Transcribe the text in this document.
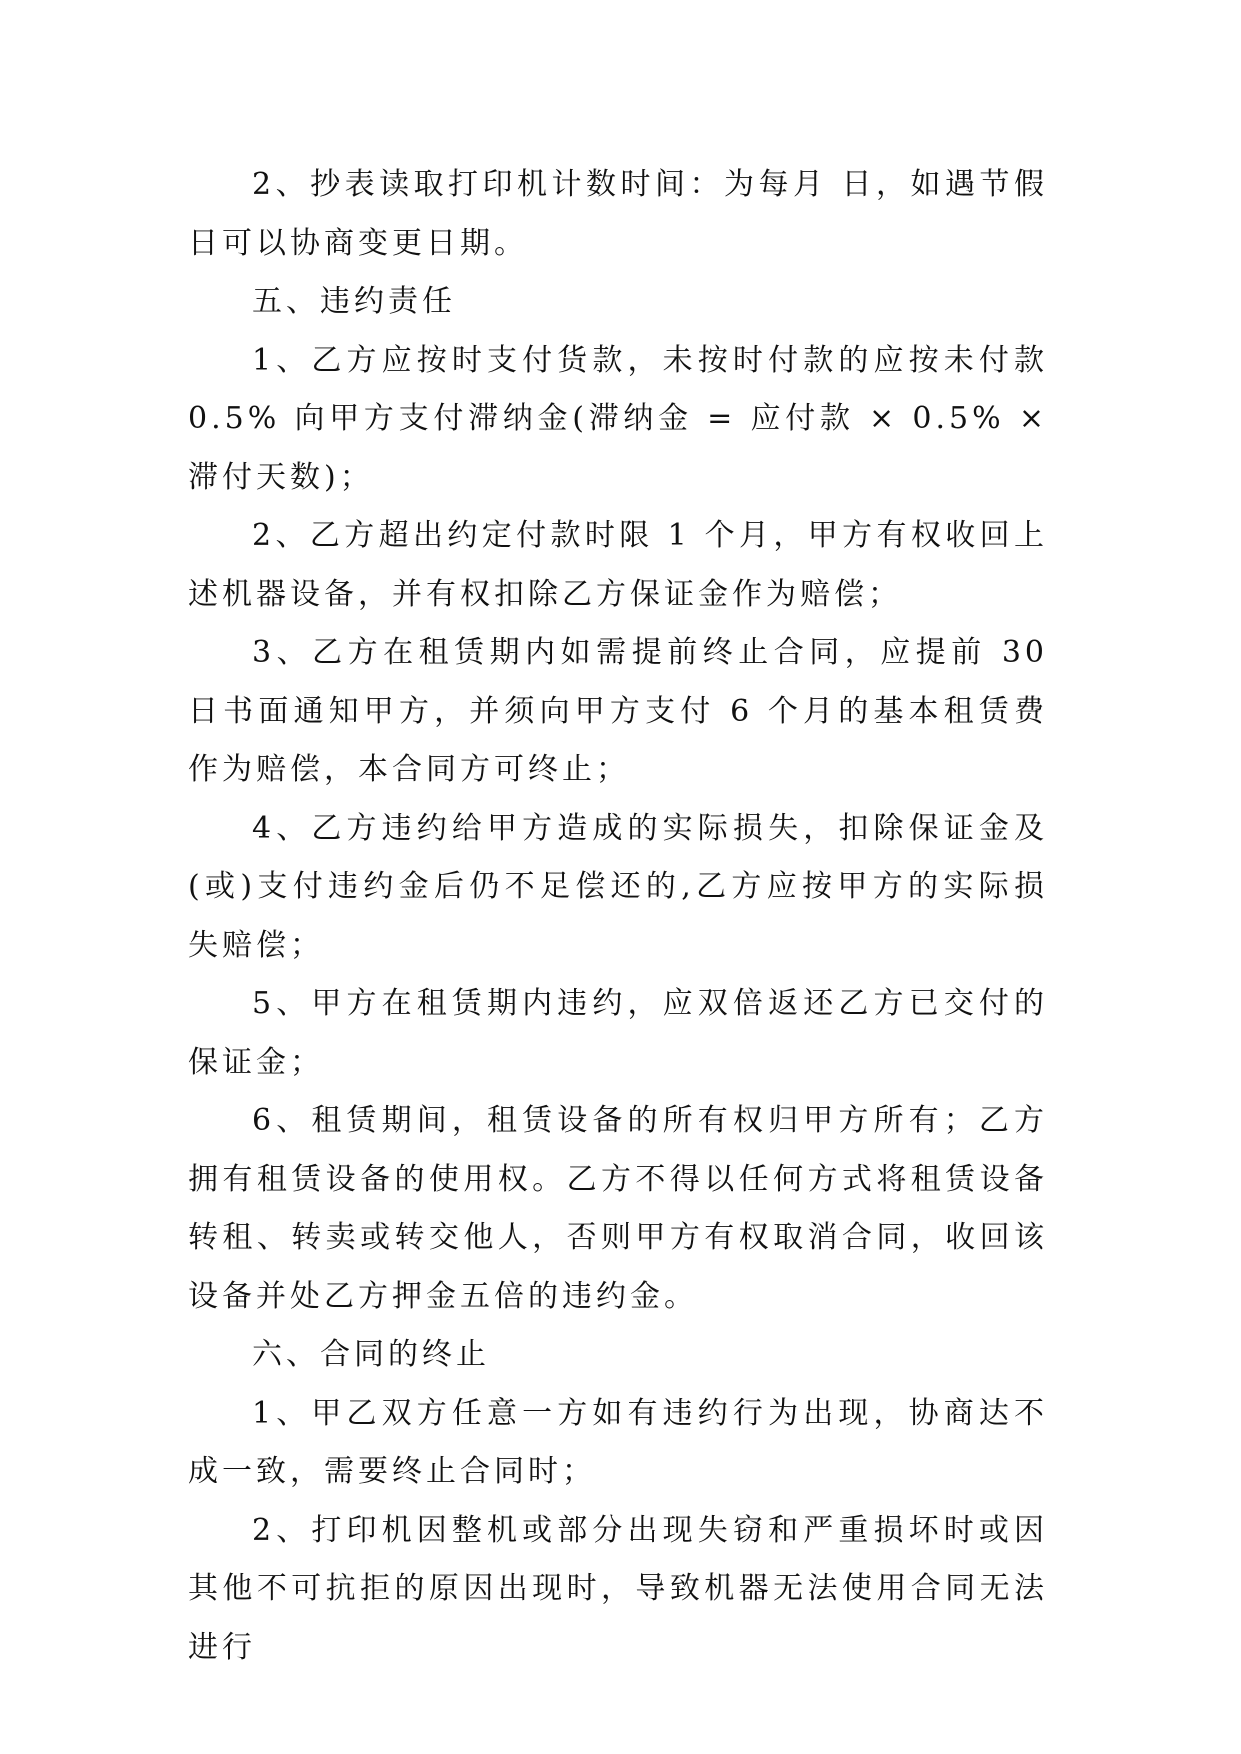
2、抄表读取打印机计数时间：为每月 日，如遇节假日可以协商变更日期。

五、违约责任

1、乙方应按时支付货款，未按时付款的应按未付款0.5% 向甲方支付滞纳金(滞纳金 = 应付款 × 0.5% × 滞付天数)；

2、乙方超出约定付款时限 1 个月，甲方有权收回上述机器设备，并有权扣除乙方保证金作为赔偿；

3、乙方在租赁期内如需提前终止合同，应提前 30 日书面通知甲方，并须向甲方支付 6 个月的基本租赁费作为赔偿，本合同方可终止；

4、乙方违约给甲方造成的实际损失，扣除保证金及(或)支付违约金后仍不足偿还的,乙方应按甲方的实际损失赔偿；

5、甲方在租赁期内违约，应双倍返还乙方已交付的保证金；

6、租赁期间，租赁设备的所有权归甲方所有；乙方拥有租赁设备的使用权。乙方不得以任何方式将租赁设备转租、转卖或转交他人，否则甲方有权取消合同，收回该设备并处乙方押金五倍的违约金。

六、合同的终止

1、甲乙双方任意一方如有违约行为出现，协商达不成一致，需要终止合同时；

2、打印机因整机或部分出现失窃和严重损坏时或因其他不可抗拒的原因出现时，导致机器无法使用合同无法进行
